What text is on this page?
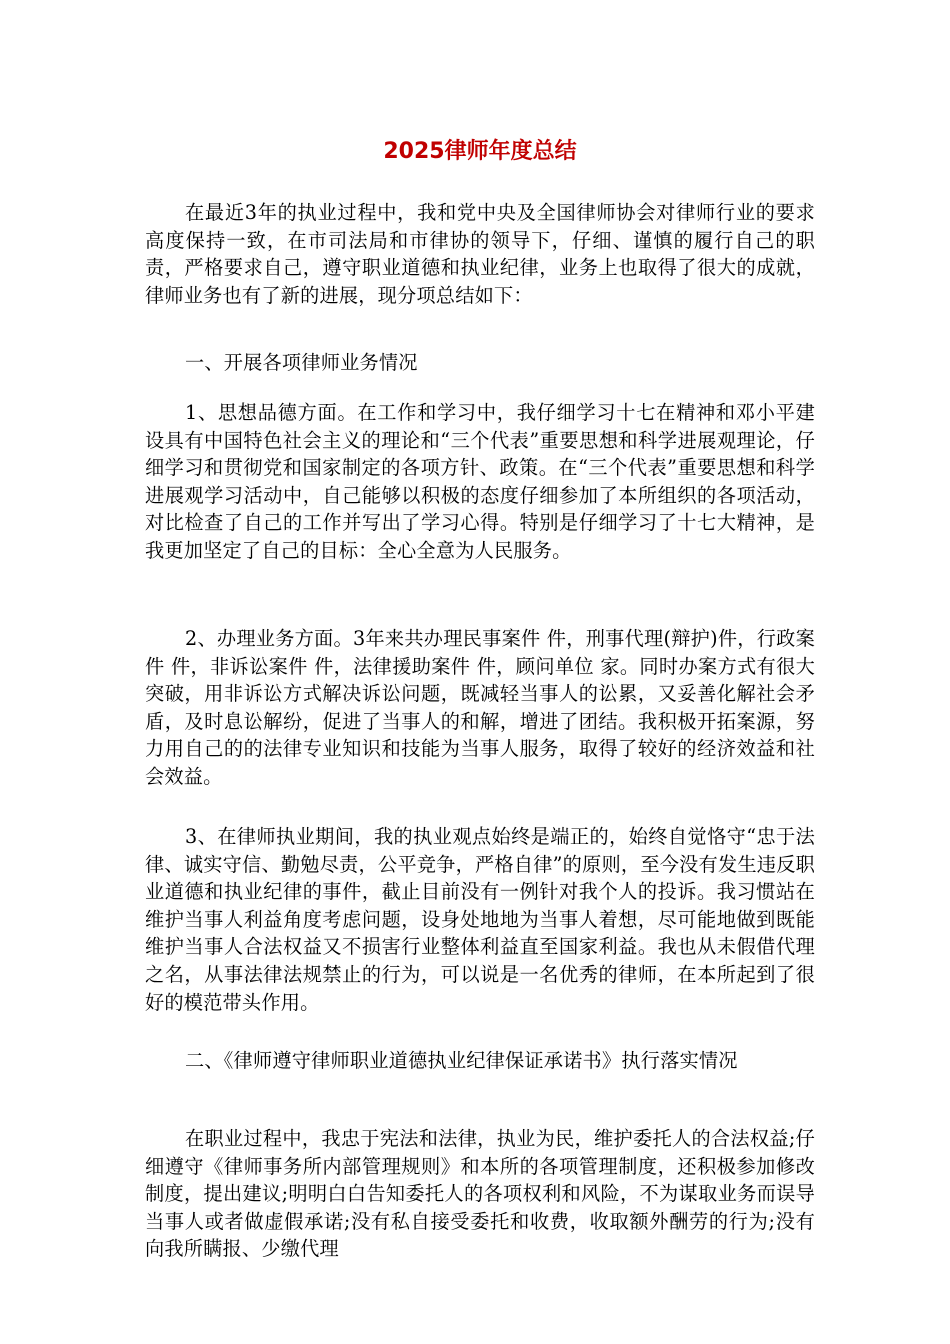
2025律师年度总结

在最近3年的执业过程中，我和党中央及全国律师协会对律师行业的要求高度保持一致，在市司法局和市律协的领导下，仔细、谨慎的履行自己的职责，严格要求自己，遵守职业道德和执业纪律，业务上也取得了很大的成就，律师业务也有了新的进展，现分项总结如下：

一、开展各项律师业务情况

1、思想品德方面。在工作和学习中，我仔细学习十七在精神和邓小平建设具有中国特色社会主义的理论和“三个代表”重要思想和科学进展观理论，仔细学习和贯彻党和国家制定的各项方针、政策。在“三个代表”重要思想和科学进展观学习活动中，自己能够以积极的态度仔细参加了本所组织的各项活动，对比检查了自己的工作并写出了学习心得。特别是仔细学习了十七大精神，是我更加坚定了自己的目标：全心全意为人民服务。

2、办理业务方面。3年来共办理民事案件 件，刑事代理(辩护)件，行政案件 件，非诉讼案件 件，法律援助案件 件，顾问单位 家。同时办案方式有很大突破，用非诉讼方式解决诉讼问题，既减轻当事人的讼累，又妥善化解社会矛盾，及时息讼解纷，促进了当事人的和解，增进了团结。我积极开拓案源，努力用自己的的法律专业知识和技能为当事人服务，取得了较好的经济效益和社会效益。

3、在律师执业期间，我的执业观点始终是端正的，始终自觉恪守“忠于法律、诚实守信、勤勉尽责，公平竞争，严格自律”的原则，至今没有发生违反职业道德和执业纪律的事件，截止目前没有一例针对我个人的投诉。我习惯站在维护当事人利益角度考虑问题，设身处地地为当事人着想，尽可能地做到既能维护当事人合法权益又不损害行业整体利益直至国家利益。我也从未假借代理之名，从事法律法规禁止的行为，可以说是一名优秀的律师，在本所起到了很好的模范带头作用。

二、《律师遵守律师职业道德执业纪律保证承诺书》执行落实情况

在职业过程中，我忠于宪法和法律，执业为民，维护委托人的合法权益;仔细遵守《律师事务所内部管理规则》和本所的各项管理制度，还积极参加修改制度，提出建议;明明白白告知委托人的各项权利和风险，不为谋取业务而误导当事人或者做虚假承诺;没有私自接受委托和收费，收取额外酬劳的行为;没有向我所瞒报、少缴代理
